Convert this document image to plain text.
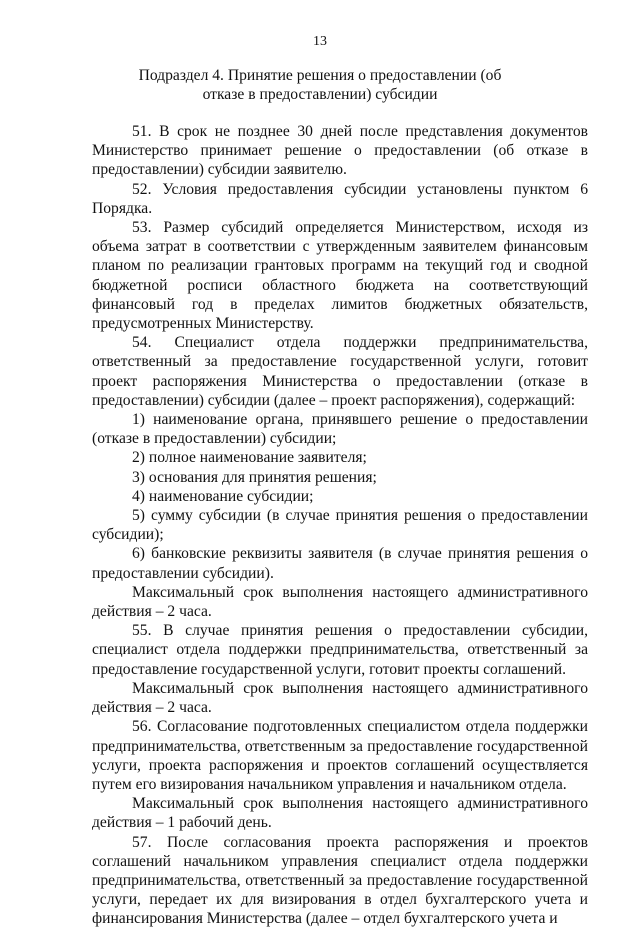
13
Подраздел 4. Принятие решения о предоставлении (об отказе в предоставлении) субсидии

51. В срок не позднее 30 дней после представления документов Министерство принимает решение о предоставлении (об отказе в предоставлении) субсидии заявителю.

52. Условия предоставления субсидии установлены пунктом 6 Порядка.

53. Размер субсидий определяется Министерством, исходя из объема затрат в соответствии с утвержденным заявителем финансовым планом по реализации грантовых программ на текущий год и сводной бюджетной росписи областного бюджета на соответствующий финансовый год в пределах лимитов бюджетных обязательств, предусмотренных Министерству.

54. Специалист отдела поддержки предпринимательства, ответственный за предоставление государственной услуги, готовит проект распоряжения Министерства о предоставлении (отказе в предоставлении) субсидии (далее – проект распоряжения), содержащий:

1) наименование органа, принявшего решение о предоставлении (отказе в предоставлении) субсидии;

2) полное наименование заявителя;

3) основания для принятия решения;

4) наименование субсидии;

5) сумму субсидии (в случае принятия решения о предоставлении субсидии);

6) банковские реквизиты заявителя (в случае принятия решения о предоставлении субсидии).

Максимальный срок выполнения настоящего административного действия – 2 часа.

55. В случае принятия решения о предоставлении субсидии, специалист отдела поддержки предпринимательства, ответственный за предоставление государственной услуги, готовит проекты соглашений.

Максимальный срок выполнения настоящего административного действия – 2 часа.

56. Согласование подготовленных специалистом отдела поддержки предпринимательства, ответственным за предоставление государственной услуги, проекта распоряжения и проектов соглашений осуществляется путем его визирования начальником управления и начальником отдела.

Максимальный срок выполнения настоящего административного действия – 1 рабочий день.

57. После согласования проекта распоряжения и проектов соглашений начальником управления специалист отдела поддержки предпринимательства, ответственный за предоставление государственной услуги, передает их для визирования в отдел бухгалтерского учета и финансирования Министерства (далее – отдел бухгалтерского учета и
